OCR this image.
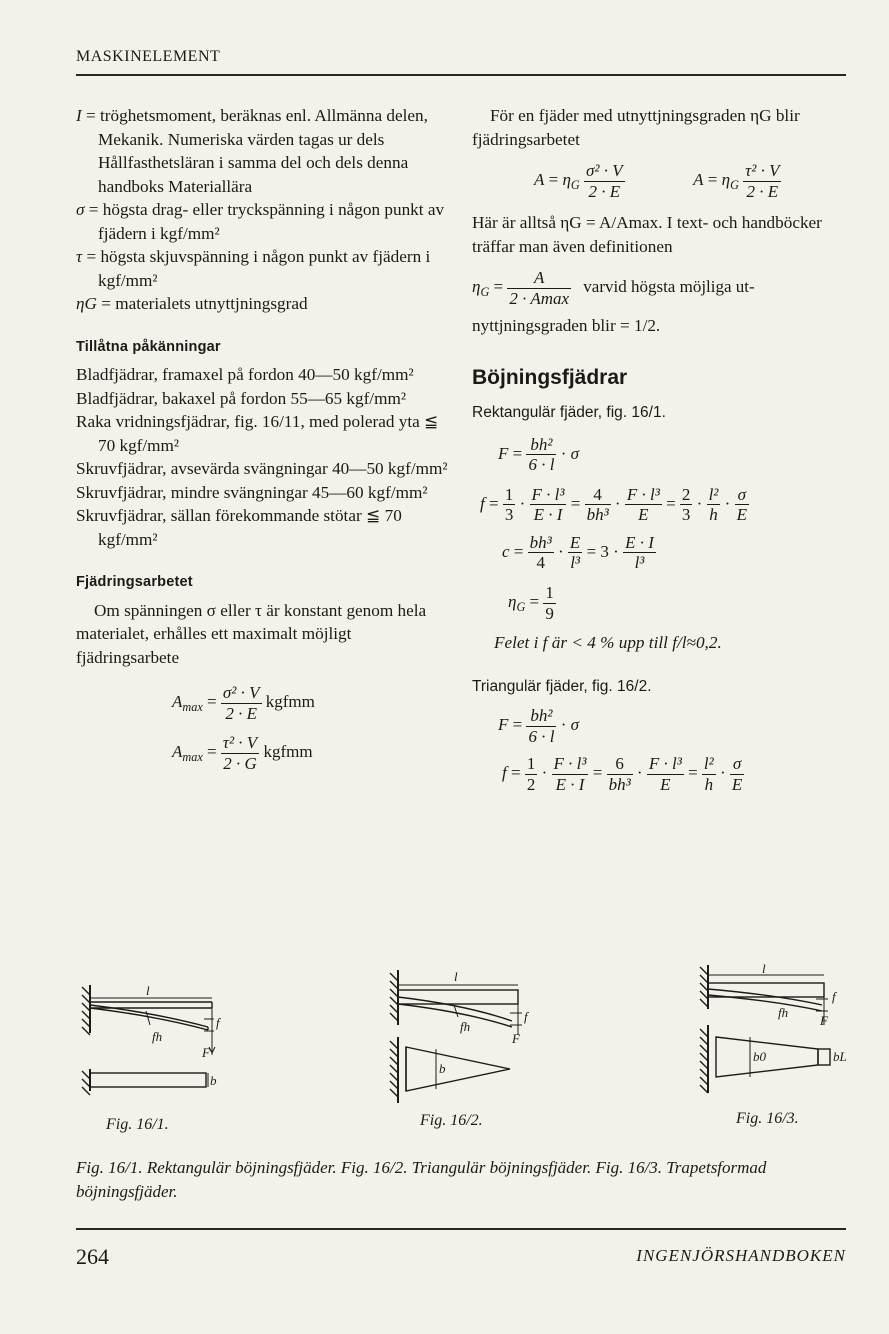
MASKINELEMENT
I = tröghetsmoment, beräknas enl. Allmänna delen, Mekanik. Numeriska värden tagas ur dels Hållfasthetsläran i samma del och dels denna handboks Materiallära
σ = högsta drag- eller tryckspänning i någon punkt av fjädern i kgf/mm²
τ = högsta skjuvspänning i någon punkt av fjädern i kgf/mm²
ηG = materialets utnyttjningsgrad
Tillåtna påkänningar
Bladfjädrar, framaxel på fordon 40—50 kgf/mm²
Bladfjädrar, bakaxel på fordon 55—65 kgf/mm²
Raka vridningsfjädrar, fig. 16/11, med polerad yta ≦ 70 kgf/mm²
Skruvfjädrar, avsevärda svängningar 40—50 kgf/mm²
Skruvfjädrar, mindre svängningar 45—60 kgf/mm²
Skruvfjädrar, sällan förekommande stötar ≦ 70 kgf/mm²
Fjädringsarbetet
Om spänningen σ eller τ är konstant genom hela materialet, erhålles ett maximalt möjligt fjädringsarbete
$A_{max} = \frac{\text{σ² · V}}{2 \cdot E}$ kgfmm
$A_{max} = \frac{\text{τ² · V}}{2 \cdot G}$ kgfmm
För en fjäder med utnyttjningsgraden ηG blir fjädringsarbetet
$A = \eta_G \frac{\text{σ² · V}}{2 \cdot E}$	$A = \eta_G \frac{\text{τ² · V}}{2 \cdot E}$
Här är alltså ηG = A/Amax. I text- och handböcker träffar man även definitionen
$\eta_G = \frac{A}{2 \cdot Amax}$ varvid högsta möjliga ut-
nyttjningsgraden blir = 1/2.
Böjningsfjädrar
Rektangulär fjäder, fig. 16/1.
$F = \frac{\text{bh²}}{6 \cdot l} \cdot \sigma$
$f = \frac{1}{3} \cdot \frac{\text{F · l³}}{E \cdot I} = \frac{4}{\text{bh³}} \cdot \frac{\text{F · l³}}{E} = \frac{2}{3} \cdot \frac{\text{l²}}{h} \cdot \frac{\sigma}{E}$
$c = \frac{\text{bh³}}{4} \cdot \frac{E}{\text{l³}} = 3 \cdot \frac{E \cdot I}{\text{l³}}$
$\eta_G = \frac{1}{9}$
Felet i f är < 4 % upp till f/l≈0,2.
Triangulär fjäder, fig. 16/2.
$F = \frac{\text{bh²}}{6 \cdot l} \cdot \sigma$
$f = \frac{1}{2} \cdot \frac{\text{F · l³}}{E \cdot I} = \frac{6}{\text{bh³}} \cdot \frac{\text{F · l³}}{E} = \frac{\text{l²}}{h} \cdot \frac{\sigma}{E}$
l
fh
f
F
b
l
fh
f
F
b
l
fh
f
F
b0	bL
Fig. 16/1.	Fig. 16/2.	Fig. 16/3.
Fig. 16/1. Rektangulär böjningsfjäder. Fig. 16/2. Triangulär böjningsfjäder. Fig. 16/3. Trapetsformad böjningsfjäder.
264	INGENJÖRSHANDBOKEN
